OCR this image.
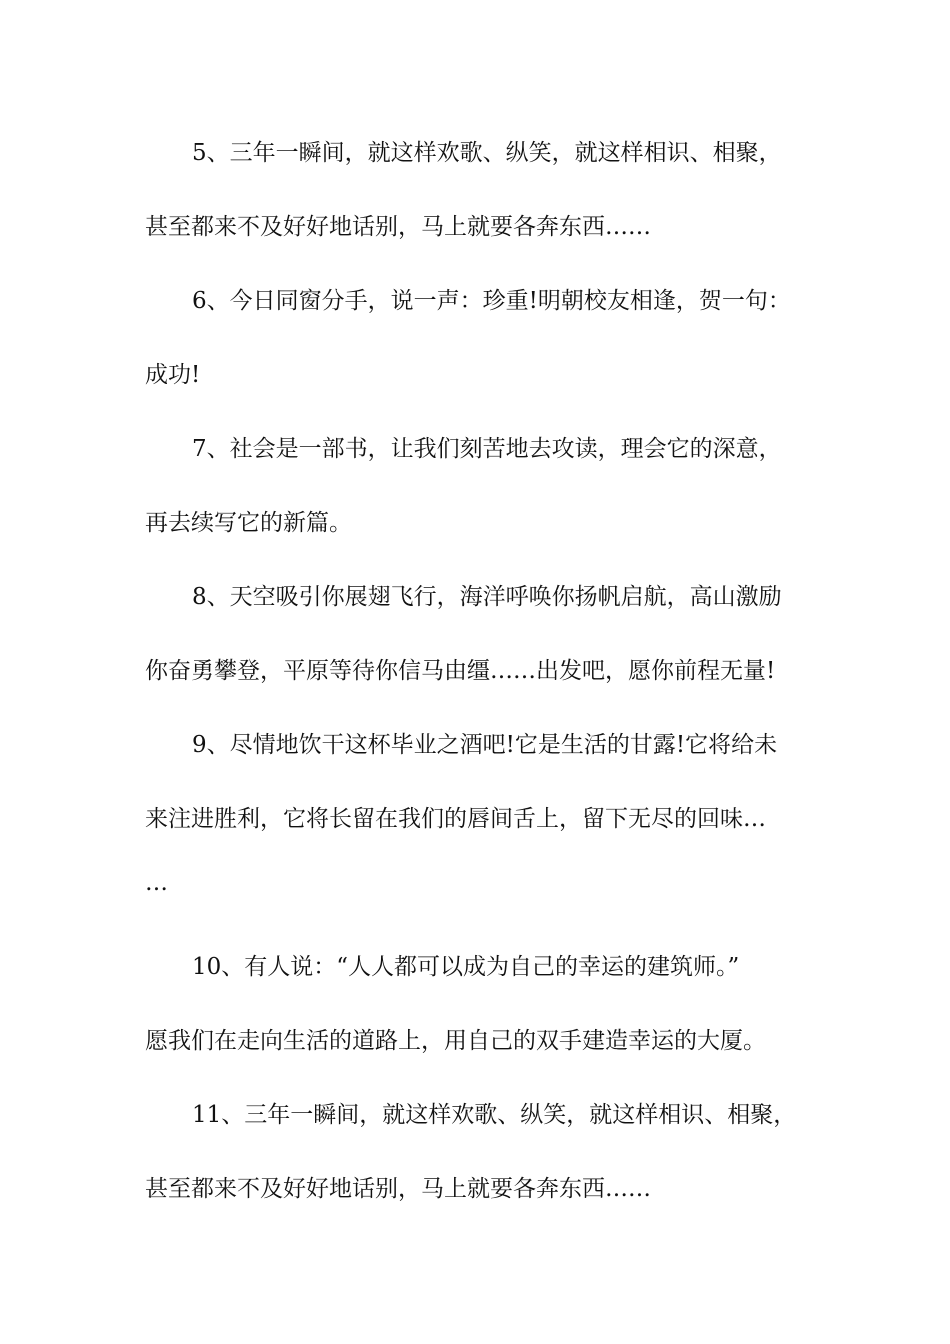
5、三年一瞬间，就这样欢歌、纵笑，就这样相识、相聚，
甚至都来不及好好地话别，马上就要各奔东西……
6、今日同窗分手，说一声：珍重!明朝校友相逢，贺一句：
成功!
7、社会是一部书，让我们刻苦地去攻读，理会它的深意，
再去续写它的新篇。
8、天空吸引你展翅飞行，海洋呼唤你扬帆启航，高山激励
你奋勇攀登，平原等待你信马由缰……出发吧，愿你前程无量!
9、尽情地饮干这杯毕业之酒吧!它是生活的甘露!它将给未
来注进胜利，它将长留在我们的唇间舌上，留下无尽的回味…
…
10、有人说：“人人都可以成为自己的幸运的建筑师。”
愿我们在走向生活的道路上，用自己的双手建造幸运的大厦。
11、三年一瞬间，就这样欢歌、纵笑，就这样相识、相聚，
甚至都来不及好好地话别，马上就要各奔东西……
